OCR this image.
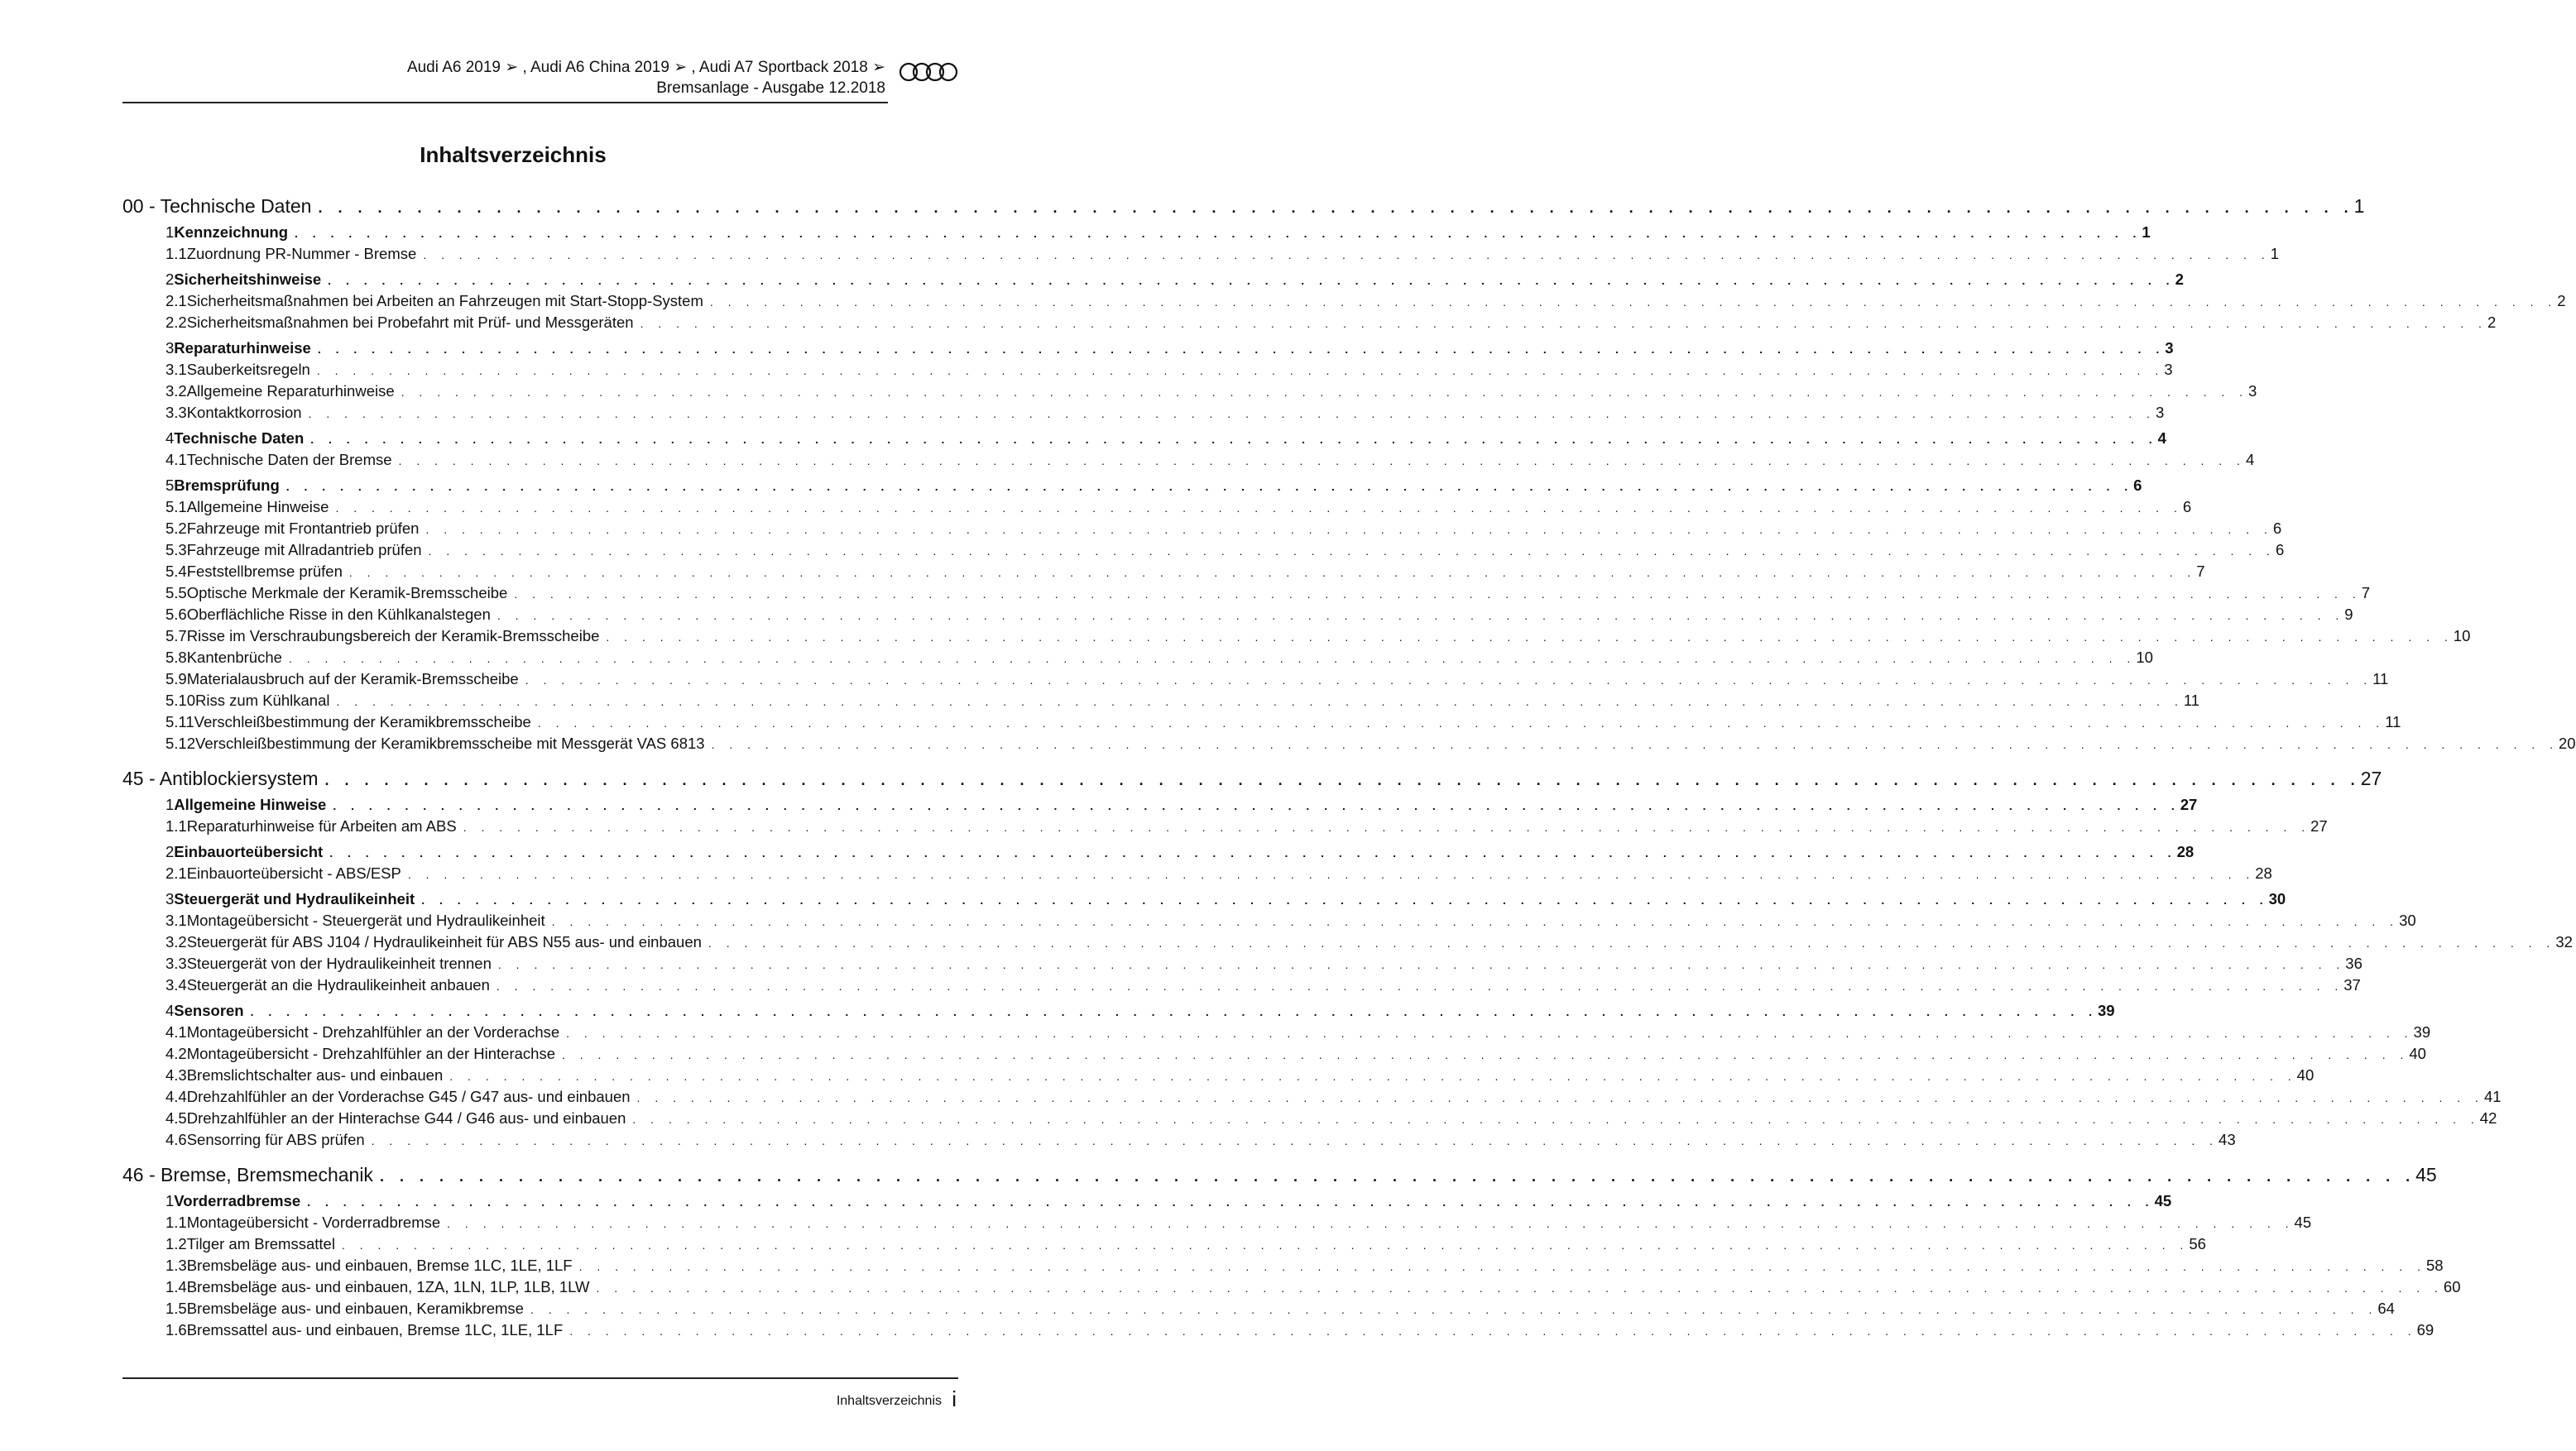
Audi A6 2019 ➢ , Audi A6 China 2019 ➢ , Audi A7 Sportback 2018 ➢
Bremsanlage - Ausgabe 12.2018
Inhaltsverzeichnis
00 - Technische Daten . . . . . . . . . . . . . . . . . . . . . . . . . . . . . . . . . . . . . . . . . . . . . . . . . . . . . . . . . . . . . . . . . . . . . . . . . . . . . . . . . . . . . . . . . . . . . . . . . . . . . . . 1
1 Kennzeichnung . . . . . . . . . . . . . . . . . . . . . . . . . . . . . . . . . . . . . . . . . . . . . . . . . . . . . . . . . . . . . . . . . . . . . . . . . . . . . . . . . . . . . . . . . . . . . . . . . . . . . . . 1
1.1 Zuordnung PR-Nummer - Bremse . . . . . . . . . . . . . . . . . . . . . . . . . . . . . . . . . . . . . . . . . . . . . . . . . . . . . . . . . . . . . . . . . . . . . . . . . . . . . . . . . . . . . . . . . . . . . . . . . . . . . . . 1
2 Sicherheitshinweise . . . . . . . . . . . . . . . . . . . . . . . . . . . . . . . . . . . . . . . . . . . . . . . . . . . . . . . . . . . . . . . . . . . . . . . . . . . . . . . . . . . . . . . . . . . . . . . . . . . . . . . 2
2.1 Sicherheitsmaßnahmen bei Arbeiten an Fahrzeugen mit Start-Stopp-System . . . . . . . . . . . . . . . . . . . . . . . . . . . . . . . . . . . . . . . . . . . . . . . . . . . . . . . . . . . . . . . . . . . . . . . . . . . . . . . . . . . . . . . . . . . . . . . . . . . . . . . 2
2.2 Sicherheitsmaßnahmen bei Probefahrt mit Prüf- und Messgeräten . . . . . . . . . . . . . . . . . . . . . . . . . . . . . . . . . . . . . . . . . . . . . . . . . . . . . . . . . . . . . . . . . . . . . . . . . . . . . . . . . . . . . . . . . . . . . . . . . . . . . . . 2
3 Reparaturhinweise . . . . . . . . . . . . . . . . . . . . . . . . . . . . . . . . . . . . . . . . . . . . . . . . . . . . . . . . . . . . . . . . . . . . . . . . . . . . . . . . . . . . . . . . . . . . . . . . . . . . . . . 3
3.1 Sauberkeitsregeln . . . . . . . . . . . . . . . . . . . . . . . . . . . . . . . . . . . . . . . . . . . . . . . . . . . . . . . . . . . . . . . . . . . . . . . . . . . . . . . . . . . . . . . . . . . . . . . . . . . . . . . 3
3.2 Allgemeine Reparaturhinweise . . . . . . . . . . . . . . . . . . . . . . . . . . . . . . . . . . . . . . . . . . . . . . . . . . . . . . . . . . . . . . . . . . . . . . . . . . . . . . . . . . . . . . . . . . . . . . . . . . . . . . . 3
3.3 Kontaktkorrosion . . . . . . . . . . . . . . . . . . . . . . . . . . . . . . . . . . . . . . . . . . . . . . . . . . . . . . . . . . . . . . . . . . . . . . . . . . . . . . . . . . . . . . . . . . . . . . . . . . . . . . . 3
4 Technische Daten . . . . . . . . . . . . . . . . . . . . . . . . . . . . . . . . . . . . . . . . . . . . . . . . . . . . . . . . . . . . . . . . . . . . . . . . . . . . . . . . . . . . . . . . . . . . . . . . . . . . . . . 4
4.1 Technische Daten der Bremse . . . . . . . . . . . . . . . . . . . . . . . . . . . . . . . . . . . . . . . . . . . . . . . . . . . . . . . . . . . . . . . . . . . . . . . . . . . . . . . . . . . . . . . . . . . . . . . . . . . . . . . 4
5 Bremsprüfung . . . . . . . . . . . . . . . . . . . . . . . . . . . . . . . . . . . . . . . . . . . . . . . . . . . . . . . . . . . . . . . . . . . . . . . . . . . . . . . . . . . . . . . . . . . . . . . . . . . . . . . 6
5.1 Allgemeine Hinweise . . . . . . . . . . . . . . . . . . . . . . . . . . . . . . . . . . . . . . . . . . . . . . . . . . . . . . . . . . . . . . . . . . . . . . . . . . . . . . . . . . . . . . . . . . . . . . . . . . . . . . . 6
5.2 Fahrzeuge mit Frontantrieb prüfen . . . . . . . . . . . . . . . . . . . . . . . . . . . . . . . . . . . . . . . . . . . . . . . . . . . . . . . . . . . . . . . . . . . . . . . . . . . . . . . . . . . . . . . . . . . . . . . . . . . . . . . 6
5.3 Fahrzeuge mit Allradantrieb prüfen . . . . . . . . . . . . . . . . . . . . . . . . . . . . . . . . . . . . . . . . . . . . . . . . . . . . . . . . . . . . . . . . . . . . . . . . . . . . . . . . . . . . . . . . . . . . . . . . . . . . . . . 6
5.4 Feststellbremse prüfen . . . . . . . . . . . . . . . . . . . . . . . . . . . . . . . . . . . . . . . . . . . . . . . . . . . . . . . . . . . . . . . . . . . . . . . . . . . . . . . . . . . . . . . . . . . . . . . . . . . . . . . 7
5.5 Optische Merkmale der Keramik-Bremsscheibe . . . . . . . . . . . . . . . . . . . . . . . . . . . . . . . . . . . . . . . . . . . . . . . . . . . . . . . . . . . . . . . . . . . . . . . . . . . . . . . . . . . . . . . . . . . . . . . . . . . . . . . 7
5.6 Oberflächliche Risse in den Kühlkanalstegen . . . . . . . . . . . . . . . . . . . . . . . . . . . . . . . . . . . . . . . . . . . . . . . . . . . . . . . . . . . . . . . . . . . . . . . . . . . . . . . . . . . . . . . . . . . . . . . . . . . . . . . 9
5.7 Risse im Verschraubungsbereich der Keramik-Bremsscheibe . . . . . . . . . . . . . . . . . . . . . . . . . . . . . . . . . . . . . . . . . . . . . . . . . . . . . . . . . . . . . . . . . . . . . . . . . . . . . . . . . . . . . . . . . . . . . . . . . . . . . . . 10
5.8 Kantenbrüche . . . . . . . . . . . . . . . . . . . . . . . . . . . . . . . . . . . . . . . . . . . . . . . . . . . . . . . . . . . . . . . . . . . . . . . . . . . . . . . . . . . . . . . . . . . . . . . . . . . . . . . 10
5.9 Materialausbruch auf der Keramik-Bremsscheibe . . . . . . . . . . . . . . . . . . . . . . . . . . . . . . . . . . . . . . . . . . . . . . . . . . . . . . . . . . . . . . . . . . . . . . . . . . . . . . . . . . . . . . . . . . . . . . . . . . . . . . . 11
5.10 Riss zum Kühlkanal . . . . . . . . . . . . . . . . . . . . . . . . . . . . . . . . . . . . . . . . . . . . . . . . . . . . . . . . . . . . . . . . . . . . . . . . . . . . . . . . . . . . . . . . . . . . . . . . . . . . . . . 11
5.11 Verschleißbestimmung der Keramikbremsscheibe . . . . . . . . . . . . . . . . . . . . . . . . . . . . . . . . . . . . . . . . . . . . . . . . . . . . . . . . . . . . . . . . . . . . . . . . . . . . . . . . . . . . . . . . . . . . . . . . . . . . . . . 11
5.12 Verschleißbestimmung der Keramikbremsscheibe mit Messgerät VAS 6813 . . . . . . . . . . . . . . . . . . . . . . . . . . . . . . . . . . . . . . . . . . . . . . . . . . . . . . . . . . . . . . . . . . . . . . . . . . . . . . . . . . . . . . . . . . . . . . . . . . . . . . . 20
45 - Antiblockiersystem . . . . . . . . . . . . . . . . . . . . . . . . . . . . . . . . . . . . . . . . . . . . . . . . . . . . . . . . . . . . . . . . . . . . . . . . . . . . . . . . . . . . . . . . . . . . . . . . . . . . . . . 27
1 Allgemeine Hinweise . . . . . . . . . . . . . . . . . . . . . . . . . . . . . . . . . . . . . . . . . . . . . . . . . . . . . . . . . . . . . . . . . . . . . . . . . . . . . . . . . . . . . . . . . . . . . . . . . . . . . . . 27
1.1 Reparaturhinweise für Arbeiten am ABS . . . . . . . . . . . . . . . . . . . . . . . . . . . . . . . . . . . . . . . . . . . . . . . . . . . . . . . . . . . . . . . . . . . . . . . . . . . . . . . . . . . . . . . . . . . . . . . . . . . . . . . 27
2 Einbauorteübersicht . . . . . . . . . . . . . . . . . . . . . . . . . . . . . . . . . . . . . . . . . . . . . . . . . . . . . . . . . . . . . . . . . . . . . . . . . . . . . . . . . . . . . . . . . . . . . . . . . . . . . . . 28
2.1 Einbauorteübersicht - ABS/ESP . . . . . . . . . . . . . . . . . . . . . . . . . . . . . . . . . . . . . . . . . . . . . . . . . . . . . . . . . . . . . . . . . . . . . . . . . . . . . . . . . . . . . . . . . . . . . . . . . . . . . . . 28
3 Steuergerät und Hydraulikeinheit . . . . . . . . . . . . . . . . . . . . . . . . . . . . . . . . . . . . . . . . . . . . . . . . . . . . . . . . . . . . . . . . . . . . . . . . . . . . . . . . . . . . . . . . . . . . . . . . . . . . . . . 30
3.1 Montageübersicht - Steuergerät und Hydraulikeinheit . . . . . . . . . . . . . . . . . . . . . . . . . . . . . . . . . . . . . . . . . . . . . . . . . . . . . . . . . . . . . . . . . . . . . . . . . . . . . . . . . . . . . . . . . . . . . . . . . . . . . . . 30
3.2 Steuergerät für ABS J104 / Hydraulikeinheit für ABS N55 aus- und einbauen . . . . . . . . . . . . . . . . . . . . . . . . . . . . . . . . . . . . . . . . . . . . . . . . . . . . . . . . . . . . . . . . . . . . . . . . . . . . . . . . . . . . . . . . . . . . . . . . . . . . . . . 32
3.3 Steuergerät von der Hydraulikeinheit trennen . . . . . . . . . . . . . . . . . . . . . . . . . . . . . . . . . . . . . . . . . . . . . . . . . . . . . . . . . . . . . . . . . . . . . . . . . . . . . . . . . . . . . . . . . . . . . . . . . . . . . . . 36
3.4 Steuergerät an die Hydraulikeinheit anbauen . . . . . . . . . . . . . . . . . . . . . . . . . . . . . . . . . . . . . . . . . . . . . . . . . . . . . . . . . . . . . . . . . . . . . . . . . . . . . . . . . . . . . . . . . . . . . . . . . . . . . . . 37
4 Sensoren . . . . . . . . . . . . . . . . . . . . . . . . . . . . . . . . . . . . . . . . . . . . . . . . . . . . . . . . . . . . . . . . . . . . . . . . . . . . . . . . . . . . . . . . . . . . . . . . . . . . . . . 39
4.1 Montageübersicht - Drehzahlfühler an der Vorderachse . . . . . . . . . . . . . . . . . . . . . . . . . . . . . . . . . . . . . . . . . . . . . . . . . . . . . . . . . . . . . . . . . . . . . . . . . . . . . . . . . . . . . . . . . . . . . . . . . . . . . . . 39
4.2 Montageübersicht - Drehzahlfühler an der Hinterachse . . . . . . . . . . . . . . . . . . . . . . . . . . . . . . . . . . . . . . . . . . . . . . . . . . . . . . . . . . . . . . . . . . . . . . . . . . . . . . . . . . . . . . . . . . . . . . . . . . . . . . . 40
4.3 Bremslichtschalter aus- und einbauen . . . . . . . . . . . . . . . . . . . . . . . . . . . . . . . . . . . . . . . . . . . . . . . . . . . . . . . . . . . . . . . . . . . . . . . . . . . . . . . . . . . . . . . . . . . . . . . . . . . . . . . 40
4.4 Drehzahlfühler an der Vorderachse G45 / G47 aus- und einbauen . . . . . . . . . . . . . . . . . . . . . . . . . . . . . . . . . . . . . . . . . . . . . . . . . . . . . . . . . . . . . . . . . . . . . . . . . . . . . . . . . . . . . . . . . . . . . . . . . . . . . . . 41
4.5 Drehzahlfühler an der Hinterachse G44 / G46 aus- und einbauen . . . . . . . . . . . . . . . . . . . . . . . . . . . . . . . . . . . . . . . . . . . . . . . . . . . . . . . . . . . . . . . . . . . . . . . . . . . . . . . . . . . . . . . . . . . . . . . . . . . . . . . 42
4.6 Sensorring für ABS prüfen . . . . . . . . . . . . . . . . . . . . . . . . . . . . . . . . . . . . . . . . . . . . . . . . . . . . . . . . . . . . . . . . . . . . . . . . . . . . . . . . . . . . . . . . . . . . . . . . . . . . . . . 43
46 - Bremse, Bremsmechanik . . . . . . . . . . . . . . . . . . . . . . . . . . . . . . . . . . . . . . . . . . . . . . . . . . . . . . . . . . . . . . . . . . . . . . . . . . . . . . . . . . . . . . . . . . . . . . . . . . . . . . . 45
1 Vorderradbremse . . . . . . . . . . . . . . . . . . . . . . . . . . . . . . . . . . . . . . . . . . . . . . . . . . . . . . . . . . . . . . . . . . . . . . . . . . . . . . . . . . . . . . . . . . . . . . . . . . . . . . . 45
1.1 Montageübersicht - Vorderradbremse . . . . . . . . . . . . . . . . . . . . . . . . . . . . . . . . . . . . . . . . . . . . . . . . . . . . . . . . . . . . . . . . . . . . . . . . . . . . . . . . . . . . . . . . . . . . . . . . . . . . . . . 45
1.2 Tilger am Bremssattel . . . . . . . . . . . . . . . . . . . . . . . . . . . . . . . . . . . . . . . . . . . . . . . . . . . . . . . . . . . . . . . . . . . . . . . . . . . . . . . . . . . . . . . . . . . . . . . . . . . . . . . 56
1.3 Bremsbeläge aus- und einbauen, Bremse 1LC, 1LE, 1LF . . . . . . . . . . . . . . . . . . . . . . . . . . . . . . . . . . . . . . . . . . . . . . . . . . . . . . . . . . . . . . . . . . . . . . . . . . . . . . . . . . . . . . . . . . . . . . . . . . . . . . . 58
1.4 Bremsbeläge aus- und einbauen, 1ZA, 1LN, 1LP, 1LB, 1LW . . . . . . . . . . . . . . . . . . . . . . . . . . . . . . . . . . . . . . . . . . . . . . . . . . . . . . . . . . . . . . . . . . . . . . . . . . . . . . . . . . . . . . . . . . . . . . . . . . . . . . . 60
1.5 Bremsbeläge aus- und einbauen, Keramikbremse . . . . . . . . . . . . . . . . . . . . . . . . . . . . . . . . . . . . . . . . . . . . . . . . . . . . . . . . . . . . . . . . . . . . . . . . . . . . . . . . . . . . . . . . . . . . . . . . . . . . . . . 64
1.6 Bremssattel aus- und einbauen, Bremse 1LC, 1LE, 1LF . . . . . . . . . . . . . . . . . . . . . . . . . . . . . . . . . . . . . . . . . . . . . . . . . . . . . . . . . . . . . . . . . . . . . . . . . . . . . . . . . . . . . . . . . . . . . . . . . . . . . . . 69
Inhaltsverzeichnis i
